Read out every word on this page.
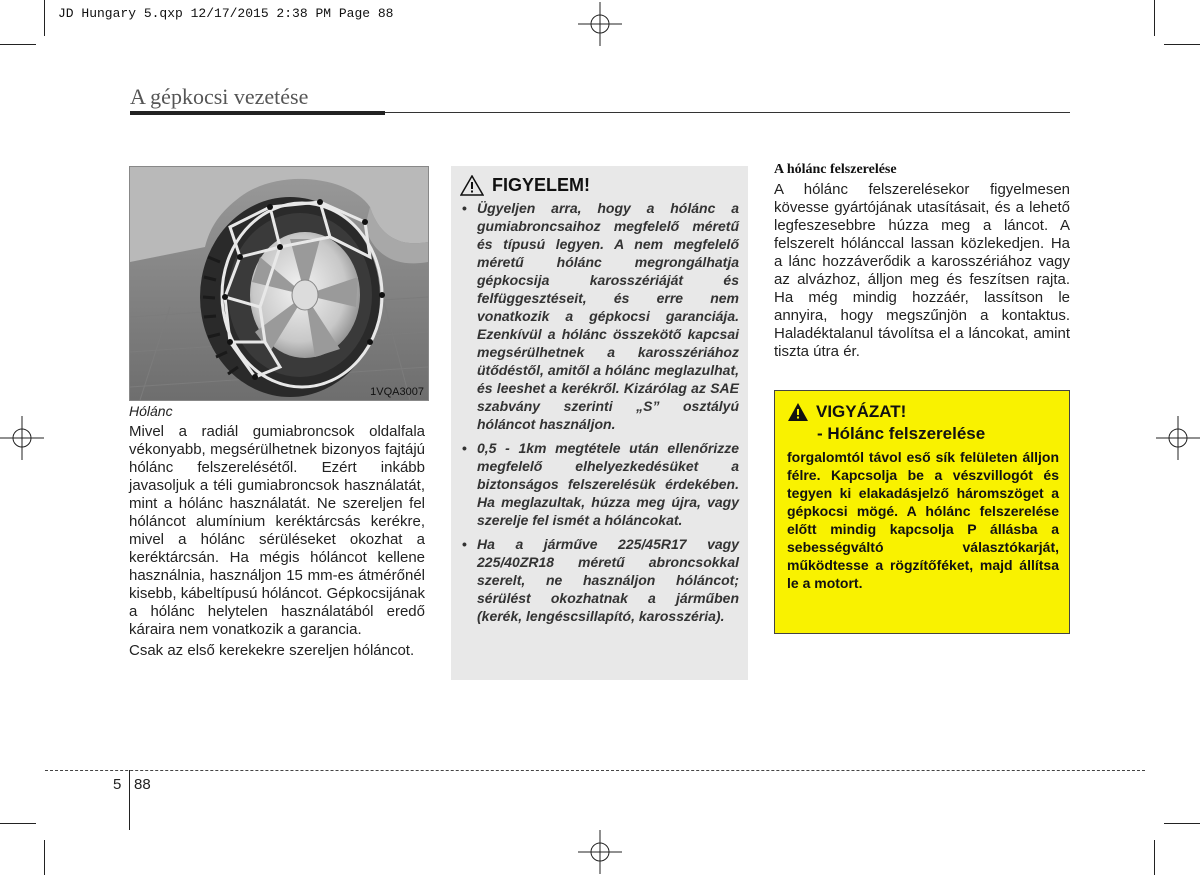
JD Hungary 5.qxp 12/17/2015 2:38 PM Page 88
A gépkocsi vezetése
1VQA3007
Hólánc

Mivel a radiál gumiabroncsok oldalfala vékonyabb, megsérülhetnek bizonyos fajtájú hólánc felszerelésétől. Ezért inkább javasoljuk a téli gumiabroncsok használatát, mint a hólánc használatát. Ne szereljen fel hóláncot alumínium keréktárcsás kerékre, mivel a hólánc sérüléseket okozhat a keréktárcsán. Ha mégis hóláncot kellene használnia, használjon 15 mm-es átmérőnél kisebb, kábeltípusú hóláncot. Gépkocsijának a hólánc helytelen használatából eredő káraira nem vonatkozik a garancia.

Csak az első kerekekre szereljen hóláncot.

FIGYELEM!
• Ügyeljen arra, hogy a hólánc a gumiabroncsaihoz megfelelő méretű és típusú legyen. A nem megfelelő méretű hólánc megrongálhatja gépkocsija karosszériáját és felfüggesztéseit, és erre nem vonatkozik a gépkocsi garanciája. Ezenkívül a hólánc összekötő kapcsai megsérülhetnek a karosszériához ütődéstől, amitől a hólánc meglazulhat, és leeshet a kerékről. Kizárólag az SAE szabvány szerinti „S” osztályú hóláncot használjon.
• 0,5 - 1km megtétele után ellenőrizze megfelelő elhelyezkedésüket a biztonságos felszerelésük érdekében. Ha meglazultak, húzza meg újra, vagy szerelje fel ismét a hóláncokat.
• Ha a járműve 225/45R17 vagy 225/40ZR18 méretű abroncsokkal szerelt, ne használjon hóláncot; sérülést okozhatnak a járműben (kerék, lengéscsillapító, karosszéria).
A hólánc felszerelése
A hólánc felszerelésekor figyelmesen kövesse gyártójának utasításait, és a lehető legfeszesebbre húzza meg a láncot. A felszerelt hólánccal lassan közlekedjen. Ha a lánc hozzáverődik a karosszériához vagy az alvázhoz, álljon meg és feszítsen rajta. Ha még mindig hozzáér, lassítson le annyira, hogy megszűnjön a kontaktus. Haladéktalanul távolítsa el a láncokat, amint tiszta útra ér.
VIGYÁZAT!
- Hólánc felszerelése
forgalomtól távol eső sík felületen álljon félre. Kapcsolja be a vészvillogót és tegyen ki elakadásjelző háromszöget a gépkocsi mögé. A hólánc felszerelése előtt mindig kapcsolja P állásba a sebességváltó választókarját, működtesse a rögzítőféket, majd állítsa le a motort.
5 88
